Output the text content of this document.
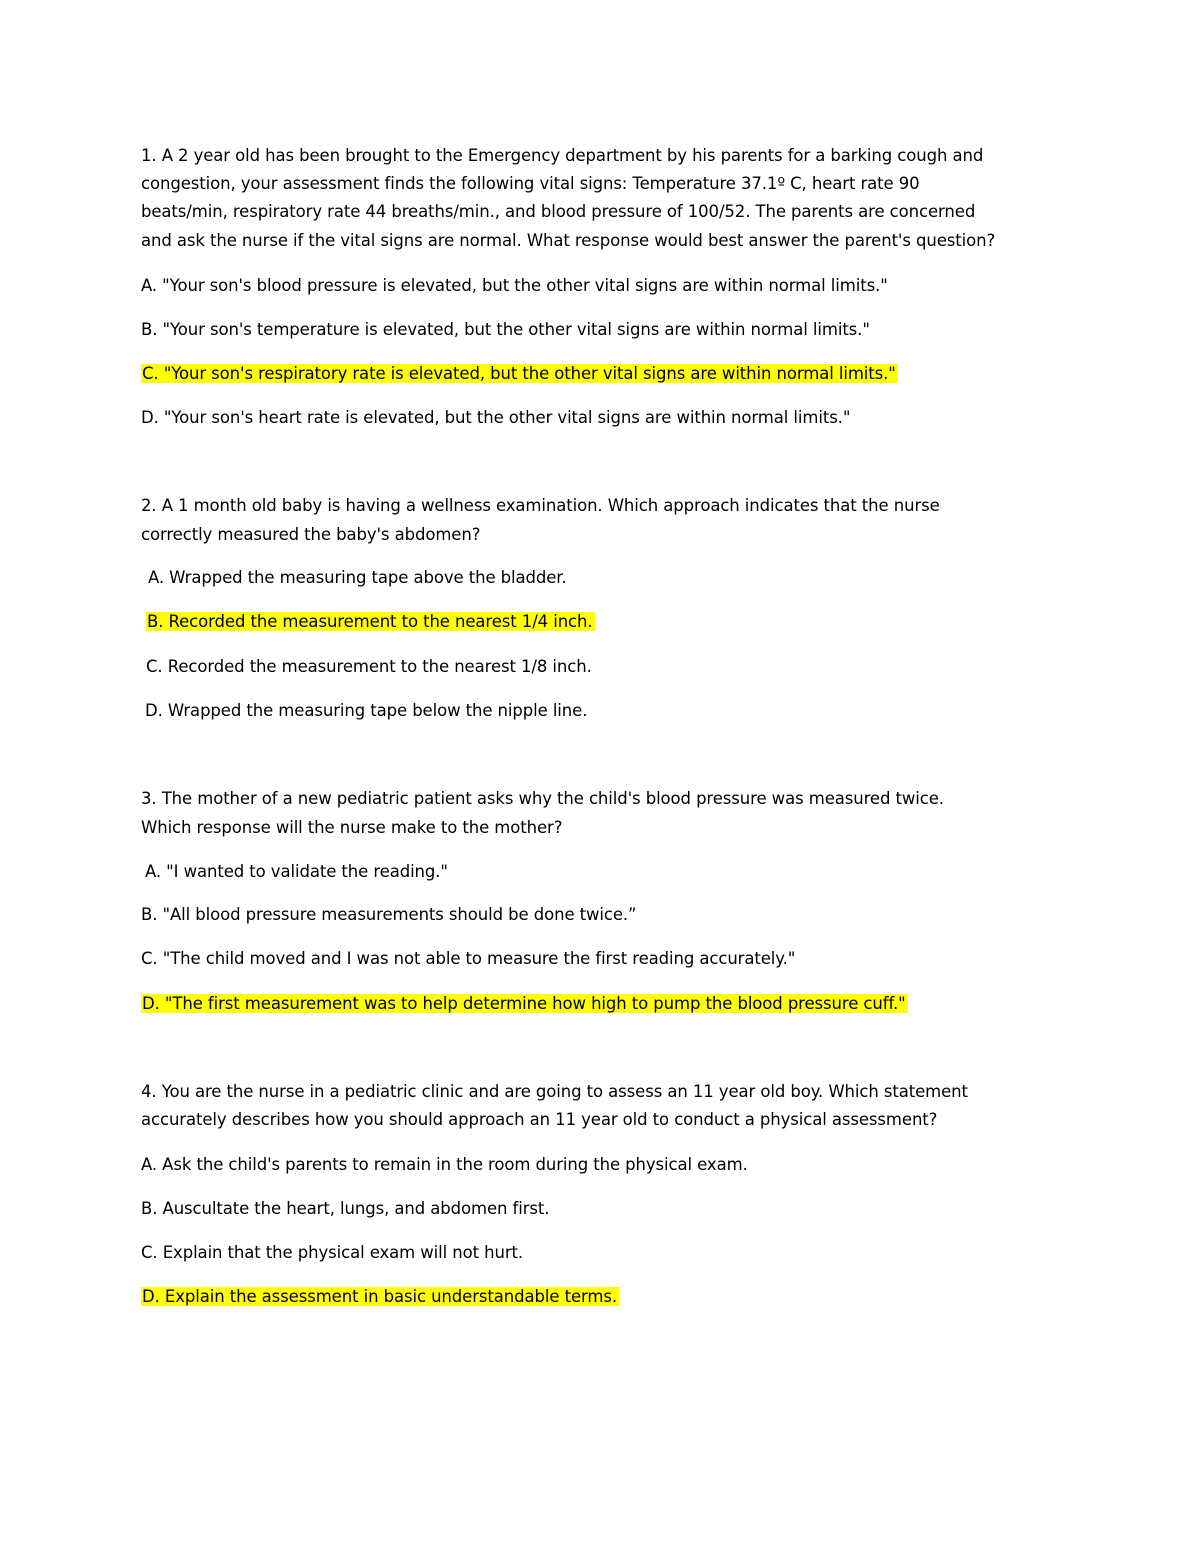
1. A 2 year old has been brought to the Emergency department by his parents for a barking cough and
congestion, your assessment finds the following vital signs: Temperature 37.1º C, heart rate 90
beats/min, respiratory rate 44 breaths/min., and blood pressure of 100/52. The parents are concerned
and ask the nurse if the vital signs are normal. What response would best answer the parent's question?
A. "Your son's blood pressure is elevated, but the other vital signs are within normal limits."
B. "Your son's temperature is elevated, but the other vital signs are within normal limits."
C. "Your son's respiratory rate is elevated, but the other vital signs are within normal limits."
D. "Your son's heart rate is elevated, but the other vital signs are within normal limits."
2. A 1 month old baby is having a wellness examination. Which approach indicates that the nurse
correctly measured the baby's abdomen?
A. Wrapped the measuring tape above the bladder.
B. Recorded the measurement to the nearest 1/4 inch.
C. Recorded the measurement to the nearest 1/8 inch.
D. Wrapped the measuring tape below the nipple line.
3. The mother of a new pediatric patient asks why the child's blood pressure was measured twice.
Which response will the nurse make to the mother?
A. "I wanted to validate the reading."
B. "All blood pressure measurements should be done twice.”
C. "The child moved and I was not able to measure the first reading accurately."
D. "The first measurement was to help determine how high to pump the blood pressure cuff."
4. You are the nurse in a pediatric clinic and are going to assess an 11 year old boy. Which statement
accurately describes how you should approach an 11 year old to conduct a physical assessment?
A. Ask the child's parents to remain in the room during the physical exam.
B. Auscultate the heart, lungs, and abdomen first.
C. Explain that the physical exam will not hurt.
D. Explain the assessment in basic understandable terms.
